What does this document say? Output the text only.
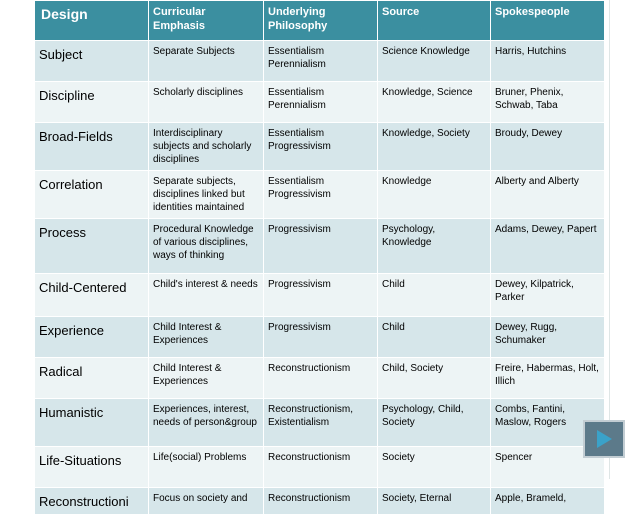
Design	Curricular Emphasis	Underlying Philosophy	Source	Spokespeople
Subject	Separate Subjects	Essentialism Perennialism	Science Knowledge	Harris, Hutchins
Discipline	Scholarly disciplines	Essentialism Perennialism	Knowledge, Science	Bruner, Phenix, Schwab, Taba
Broad-Fields	Interdisciplinary subjects and scholarly disciplines	Essentialism Progressivism	Knowledge, Society	Broudy, Dewey
Correlation	Separate subjects, disciplines linked but identities maintained	Essentialism Progressivism	Knowledge	Alberty and Alberty
Process	Procedural Knowledge of various disciplines, ways of thinking	Progressivism	Psychology, Knowledge	Adams, Dewey, Papert
Child-Centered	Child's interest & needs	Progressivism	Child	Dewey, Kilpatrick, Parker
Experience	Child Interest & Experiences	Progressivism	Child	Dewey, Rugg, Schumaker
Radical	Child Interest & Experiences	Reconstructionism	Child, Society	Freire, Habermas, Holt, Illich
Humanistic	Experiences, interest, needs of person&group	Reconstructionism, Existentialism	Psychology, Child, Society	Combs, Fantini, Maslow, Rogers
Life-Situations	Life(social) Problems	Reconstructionism	Society	Spencer
Reconstructioni	Focus on society and	Reconstructionism	Society, Eternal	Apple, Brameld,
